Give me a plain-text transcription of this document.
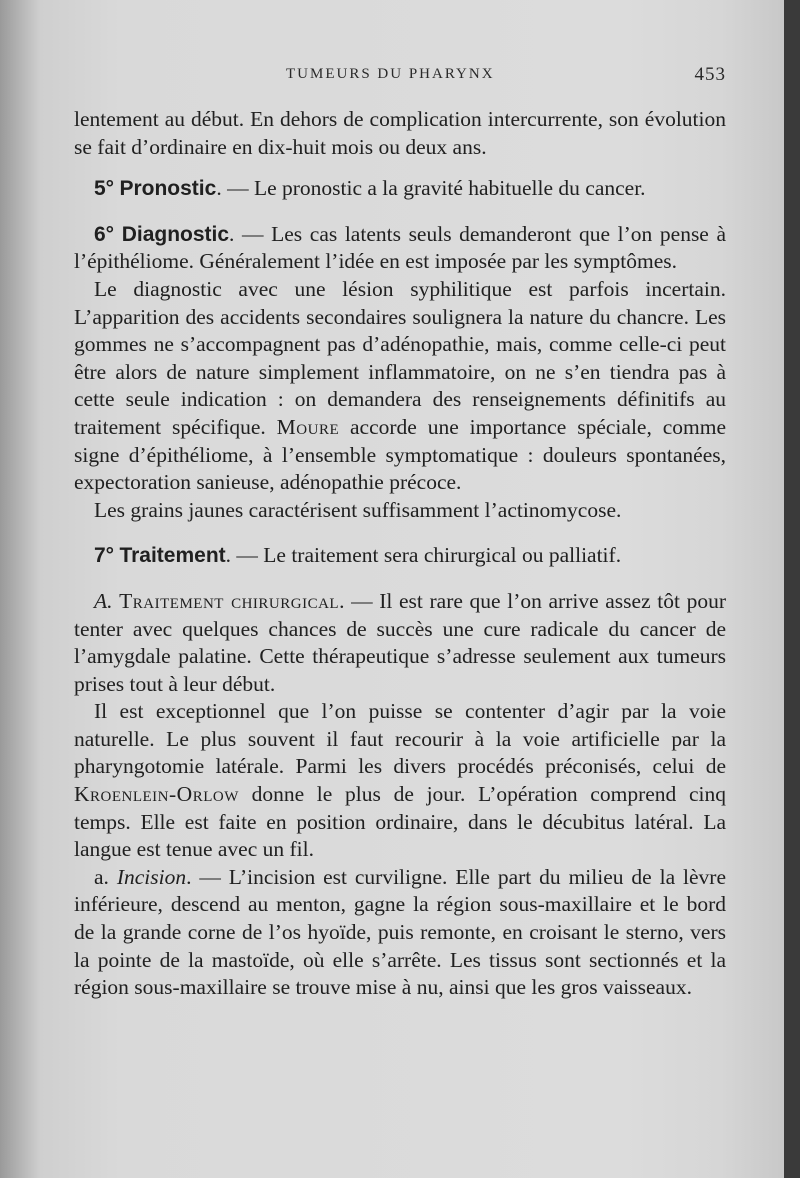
TUMEURS DU PHARYNX	453

lentement au début. En dehors de complication intercurrente, son évolution se fait d’ordinaire en dix-huit mois ou deux ans.

5° Pronostic. — Le pronostic a la gravité habituelle du cancer.

6° Diagnostic. — Les cas latents seuls demanderont que l’on pense à l’épithéliome. Généralement l’idée en est imposée par les symptômes.

Le diagnostic avec une lésion syphilitique est parfois incertain. L’apparition des accidents secondaires soulignera la nature du chancre. Les gommes ne s’accompagnent pas d’adénopathie, mais, comme celle-ci peut être alors de nature simplement inflammatoire, on ne s’en tiendra pas à cette seule indication : on demandera des renseignements définitifs au traitement spécifique. Moure accorde une importance spéciale, comme signe d’épithéliome, à l’ensemble symptomatique : douleurs spontanées, expectoration sanieuse, adénopathie précoce.

Les grains jaunes caractérisent suffisamment l’actinomycose.

7° Traitement. — Le traitement sera chirurgical ou palliatif.

A. Traitement chirurgical. — Il est rare que l’on arrive assez tôt pour tenter avec quelques chances de succès une cure radicale du cancer de l’amygdale palatine. Cette thérapeutique s’adresse seulement aux tumeurs prises tout à leur début.

Il est exceptionnel que l’on puisse se contenter d’agir par la voie naturelle. Le plus souvent il faut recourir à la voie artificielle par la pharyngotomie latérale. Parmi les divers procédés préconisés, celui de Kroenlein-Orlow donne le plus de jour. L’opération comprend cinq temps. Elle est faite en position ordinaire, dans le décubitus latéral. La langue est tenue avec un fil.

a. Incision. — L’incision est curviligne. Elle part du milieu de la lèvre inférieure, descend au menton, gagne la région sous-maxillaire et le bord de la grande corne de l’os hyoïde, puis remonte, en croisant le sterno, vers la pointe de la mastoïde, où elle s’arrête. Les tissus sont sectionnés et la région sous-maxillaire se trouve mise à nu, ainsi que les gros vaisseaux.
